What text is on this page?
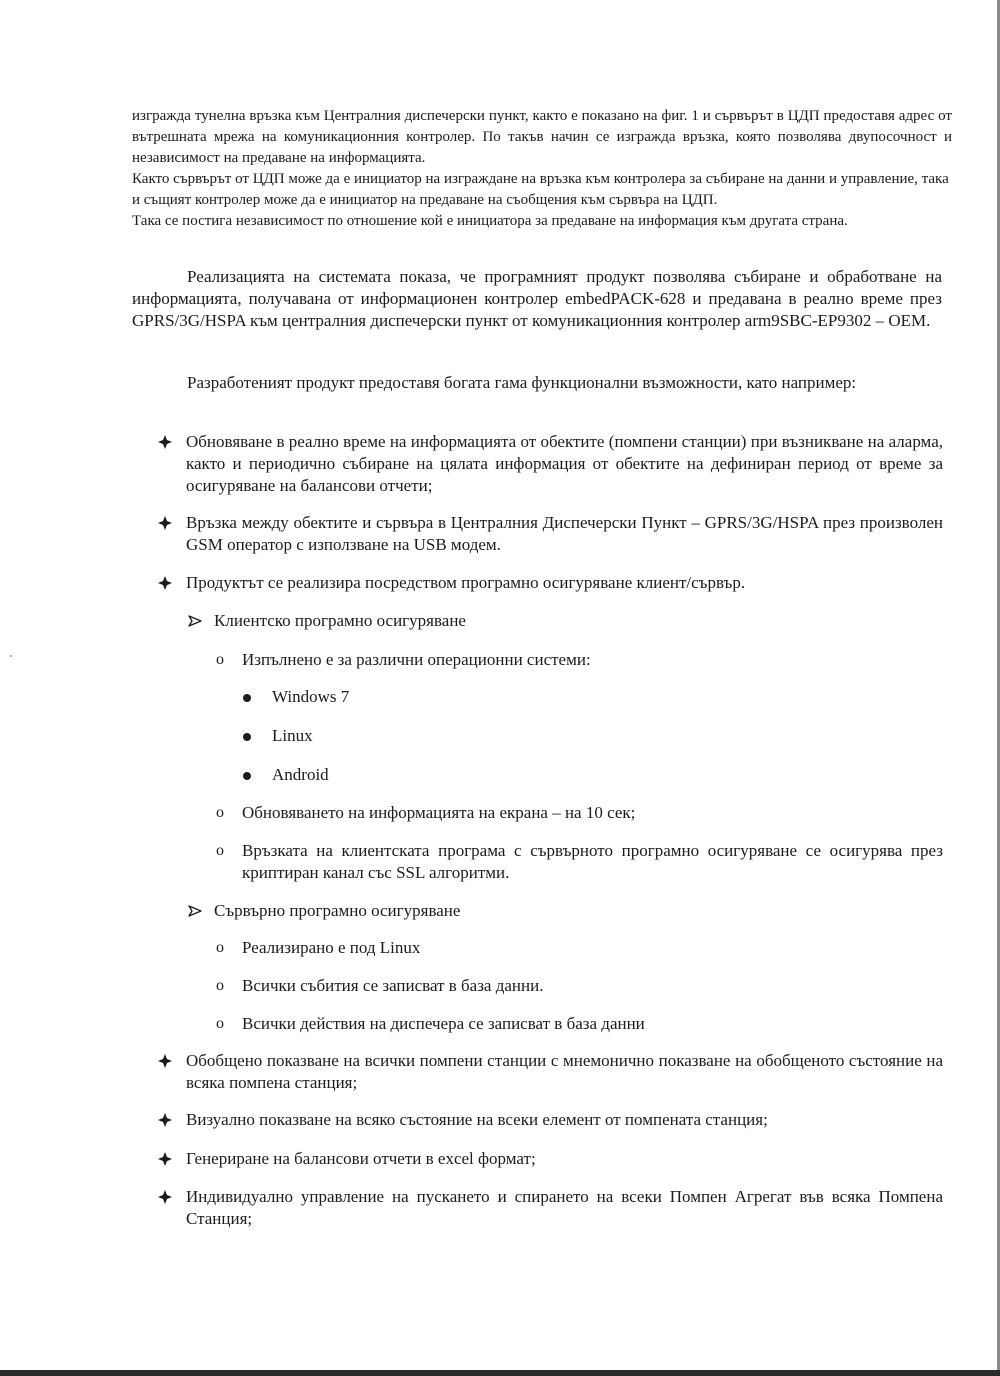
изгражда тунелна връзка към Централния диспечерски пункт, както е показано на фиг. 1 и сървърът в ЦДП предоставя адрес от вътрешната мрежа на комуникационния контролер. По такъв начин се изгражда връзка, която позволява двупосочност и независимост на предаване на информацията.

Както сървърът от ЦДП може да е инициатор на изграждане на връзка към контролера за събиране на данни и управление, така и същият контролер може да е инициатор на предаване на съобщения към сървъра на ЦДП.

Така се постига независимост по отношение кой е инициатора за предаване на информация към другата страна.

Реализацията на системата показа, че програмният продукт позволява събиране и обработване на информацията, получавана от информационен контролер embedPACK-628 и предавана в реално време през GPRS/3G/HSPA към централния диспечерски пункт от комуникационния контролер arm9SBC-EP9302 – OEM.

Разработеният продукт предоставя богата гама функционални възможности, като например:

Обновяване в реално време на информацията от обектите (помпени станции) при възникване на аларма, както и периодично събиране на цялата информация от обектите на дефиниран период от време за осигуряване на балансови отчети;
Връзка между обектите и сървъра в Централния Диспечерски Пункт – GPRS/3G/HSPA през произволен GSM оператор с използване на USB модем.
Продуктът се реализира посредством програмно осигуряване клиент/сървър.
Клиентско програмно осигуряване
o Изпълнено е за различни операционни системи:
Windows 7
Linux
Android
o Обновяването на информацията на екрана – на 10 сек;
o Връзката на клиентската програма с сървърното програмно осигуряване се осигурява през криптиран канал със SSL алгоритми.
Сървърно програмно осигуряване
o Реализирано е под Linux
o Всички събития се записват в база данни.
o Всички действия на диспечера се записват в база данни
Обобщено показване на всички помпени станции с мнемонично показване на обобщеното състояние на всяка помпена станция;
Визуално показване на всяко състояние на всеки елемент от помпената станция;
Генериране на балансови отчети в excel формат;
Индивидуално управление на пускането и спирането на всеки Помпен Агрегат във всяка Помпена Станция;
